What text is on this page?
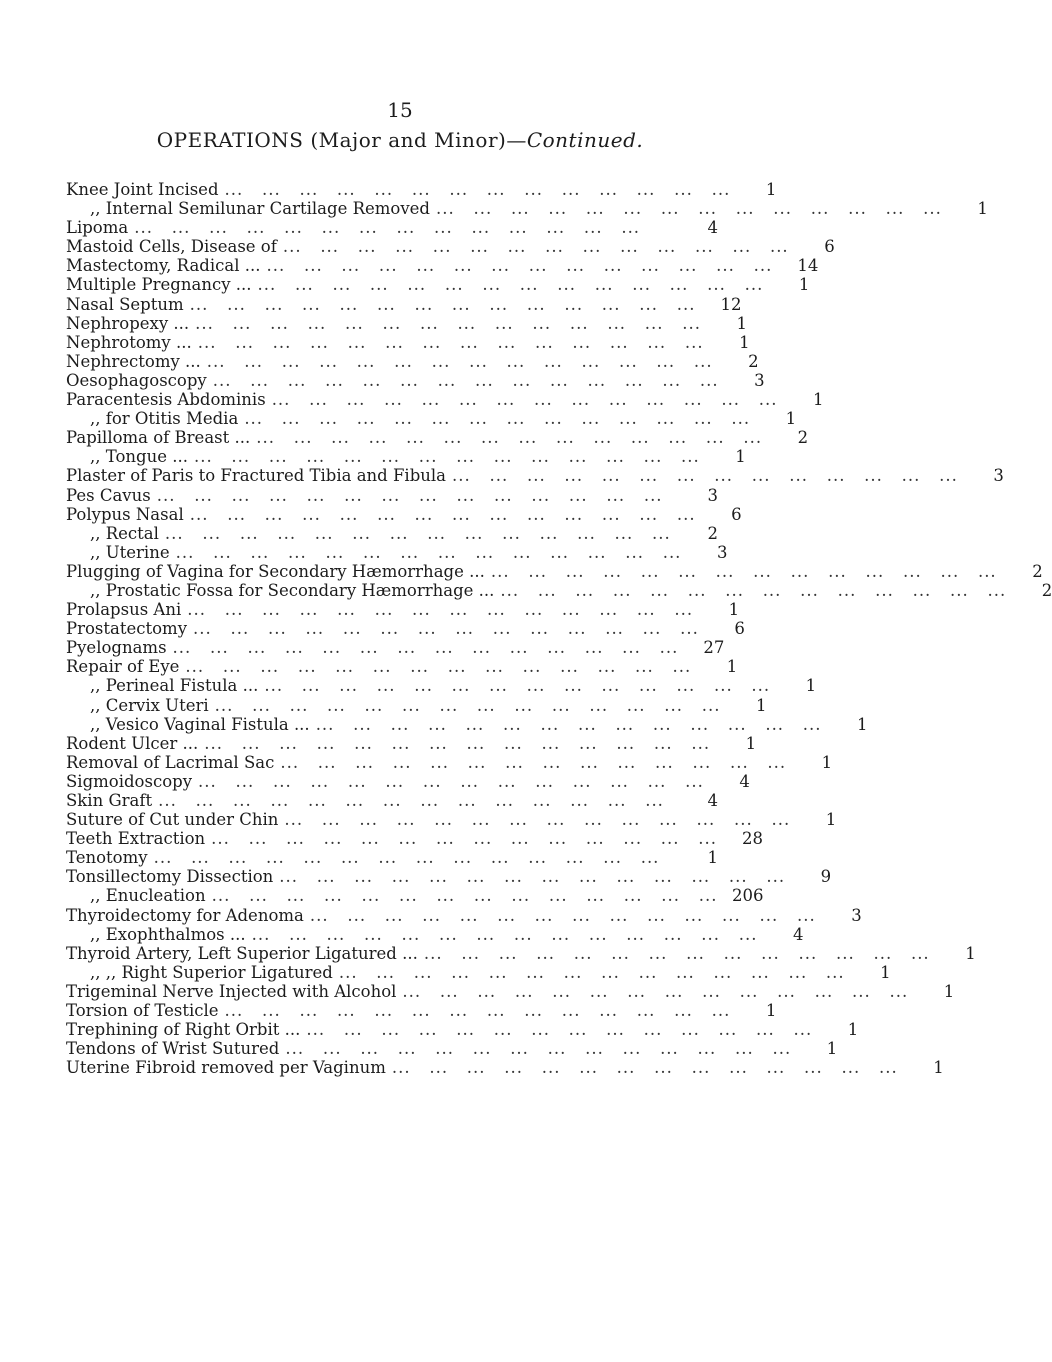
15
OPERATIONS (Major and Minor)—Continued.
Knee Joint Incised ...	1
,, Internal Semilunar Cartilage Removed ...	1
Lipoma ...	4
Mastoid Cells, Disease of ...	6
Mastectomy, Radical ... ...	14
Multiple Pregnancy ... ...	1
Nasal Septum ...	12
Nephropexy ... ...	1
Nephrotomy ... ...	1
Nephrectomy ... ...	2
Oesophagoscopy ...	3
Paracentesis Abdominis ...	1
,, for Otitis Media ...	1
Papilloma of Breast ... ...	2
,, Tongue ... ...	1
Plaster of Paris to Fractured Tibia and Fibula ...	3
Pes Cavus ...	3
Polypus Nasal ...	6
,, Rectal ...	2
,, Uterine ...	3
Plugging of Vagina for Secondary Hæmorrhage ... ...	2
,, Prostatic Fossa for Secondary Hæmorrhage ... ...	2
Prolapsus Ani ...	1
Prostatectomy ...	6
Pyelognams ...	27
Repair of Eye ...	1
,, Perineal Fistula ... ...	1
,, Cervix Uteri ...	1
,, Vesico Vaginal Fistula ... ...	1
Rodent Ulcer ... ...	1
Removal of Lacrimal Sac ...	1
Sigmoidoscopy ...	4
Skin Graft ...	4
Suture of Cut under Chin ...	1
Teeth Extraction ...	28
Tenotomy ...	1
Tonsillectomy Dissection ...	9
,, Enucleation ...	206
Thyroidectomy for Adenoma ...	3
,, Exophthalmos ... ...	4
Thyroid Artery, Left Superior Ligatured ... ...	1
,, ,, Right Superior Ligatured ...	1
Trigeminal Nerve Injected with Alcohol ...	1
Torsion of Testicle ...	1
Trephining of Right Orbit ... ...	1
Tendons of Wrist Sutured ...	1
Uterine Fibroid removed per Vaginum ...	1
